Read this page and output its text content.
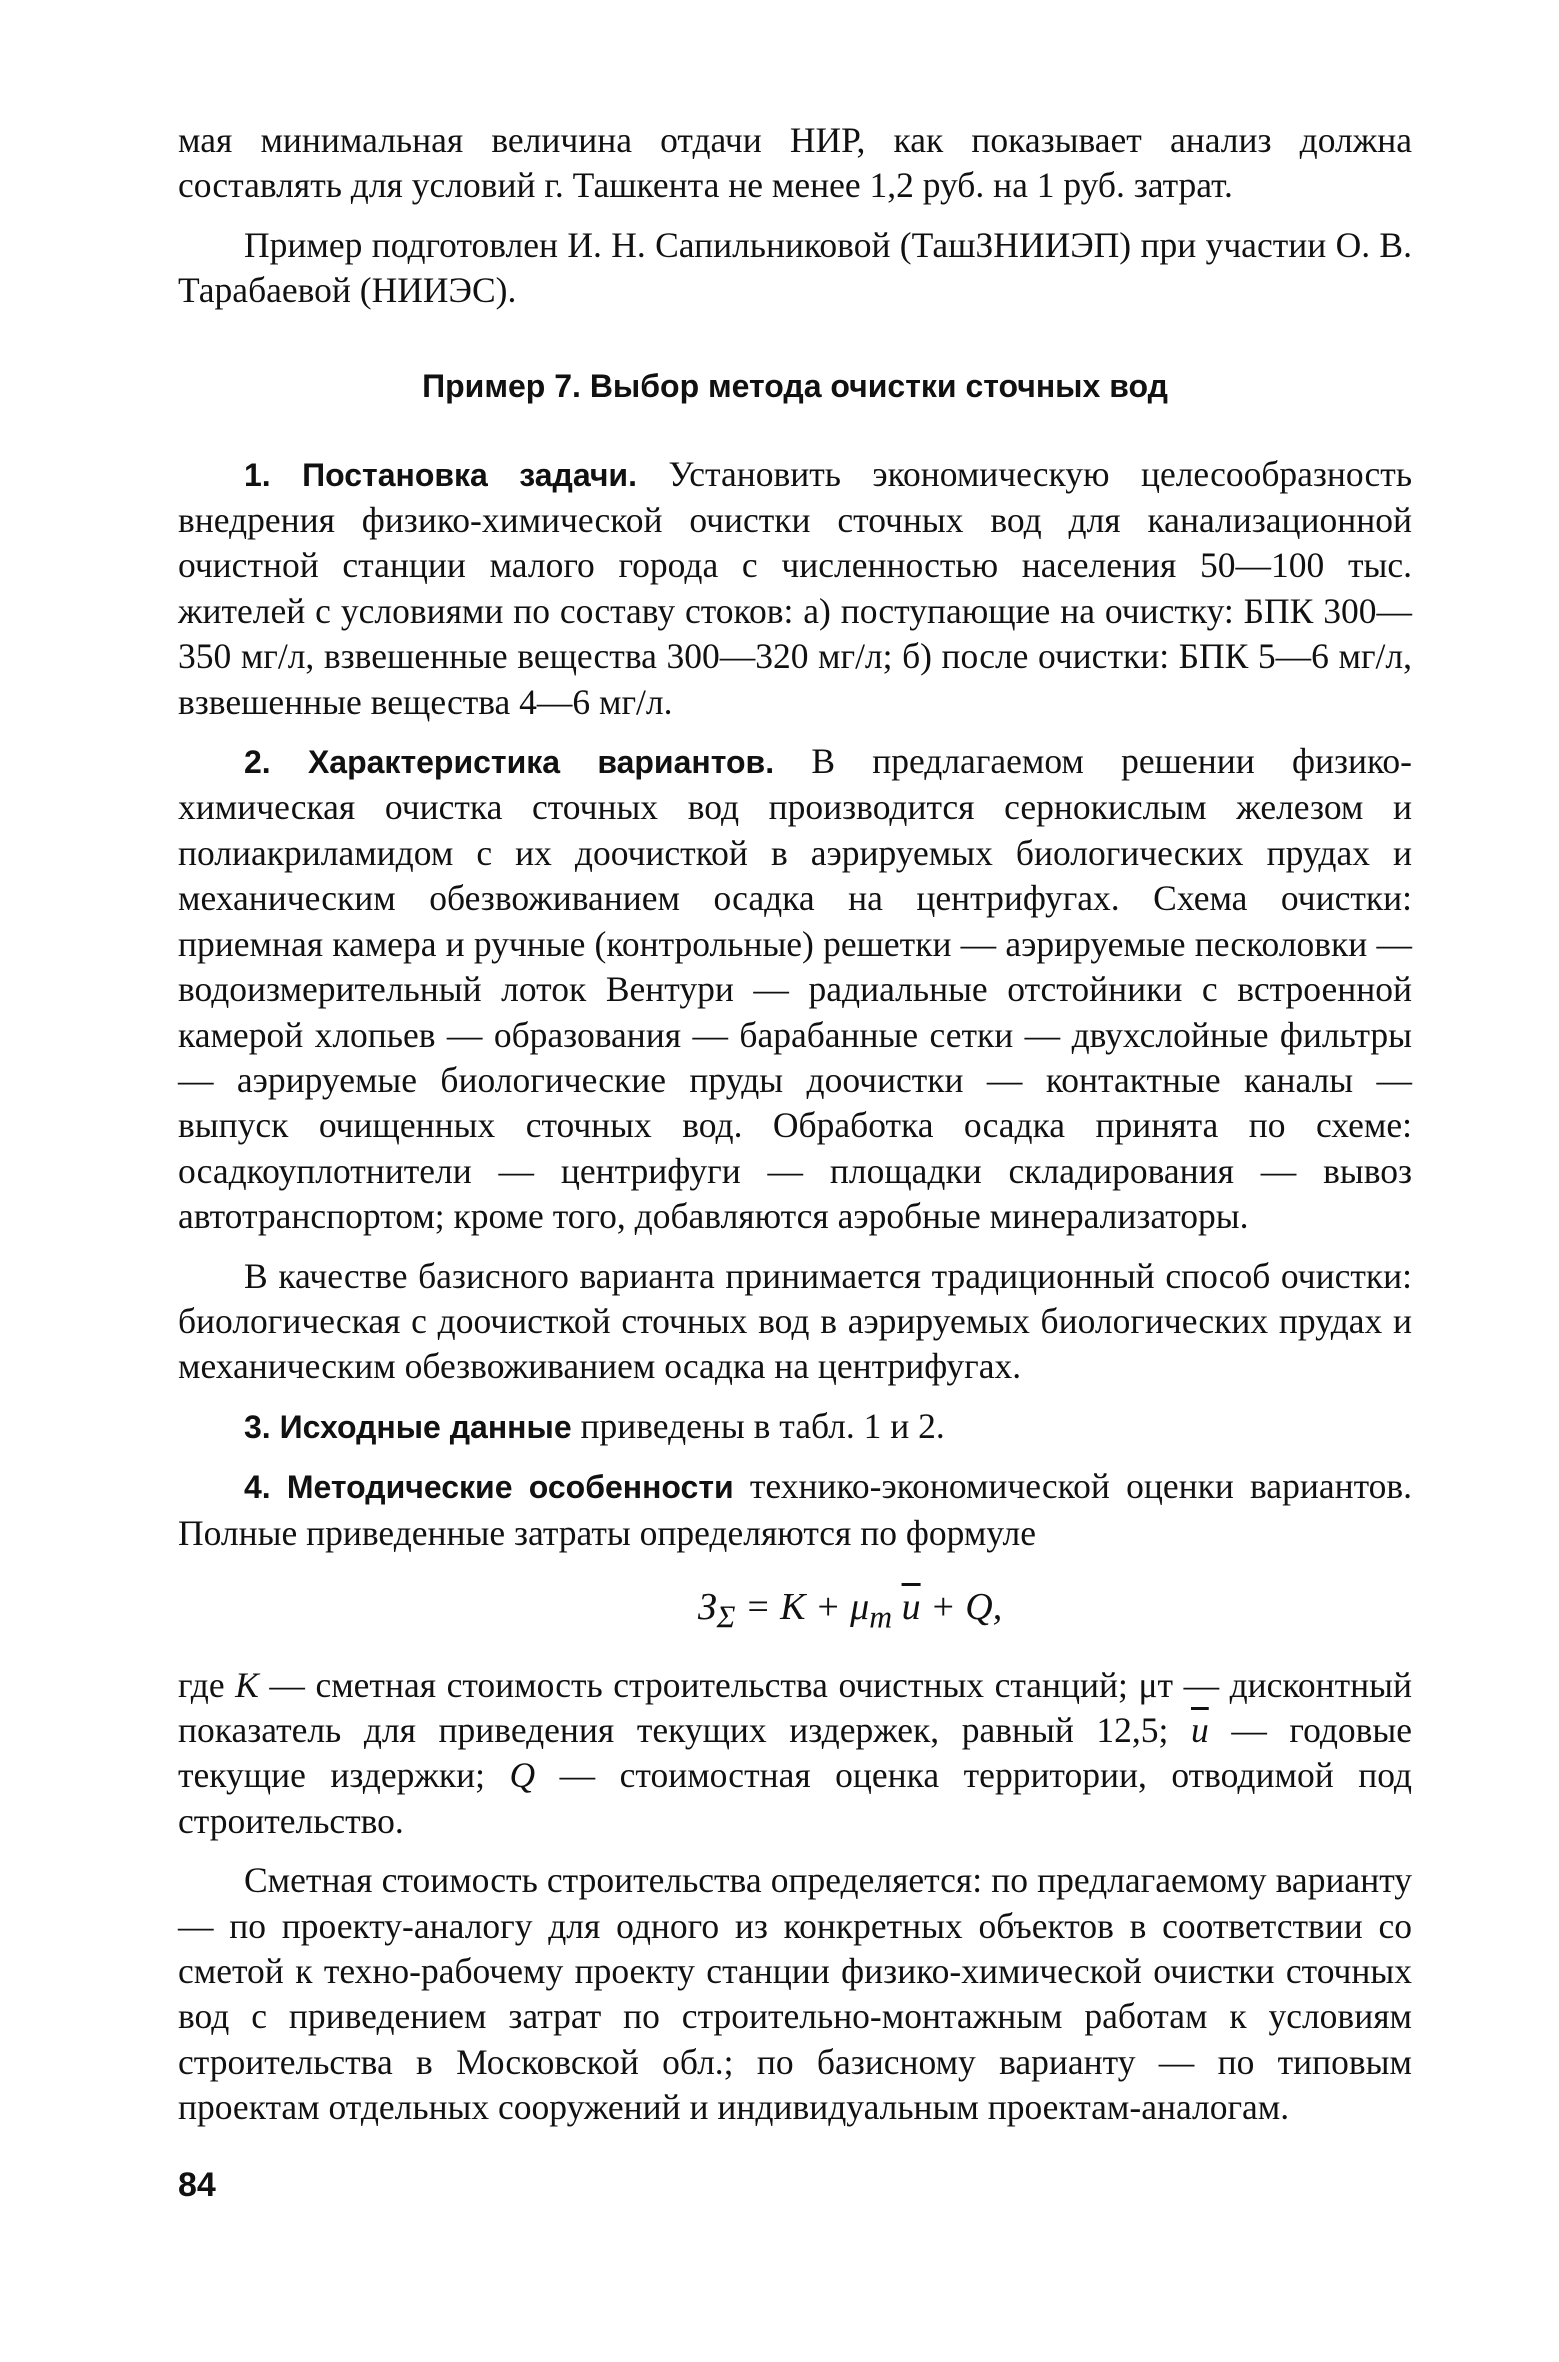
мая минимальная величина отдачи НИР, как показывает анализ должна составлять для условий г. Ташкента не менее 1,2 руб. на 1 руб. затрат.

Пример подготовлен И. Н. Сапильниковой (ТашЗНИИЭП) при участии О. В. Тарабаевой (НИИЭС).

Пример 7. Выбор метода очистки сточных вод

1. Постановка задачи. Установить экономическую целесообразность внедрения физико-химической очистки сточных вод для канализационной очистной станции малого города с численностью населения 50—100 тыс. жителей с условиями по составу стоков: а) поступающие на очистку: БПК 300—350 мг/л, взвешенные вещества 300—320 мг/л; б) после очистки: БПК 5—6 мг/л, взвешенные вещества 4—6 мг/л.

2. Характеристика вариантов. В предлагаемом решении физико-химическая очистка сточных вод производится сернокислым железом и полиакриламидом с их доочисткой в аэрируемых биологических прудах и механическим обезвоживанием осадка на центрифугах. Схема очистки: приемная камера и ручные (контрольные) решетки — аэрируемые песколовки — водоизмерительный лоток Вентури — радиальные отстойники с встроенной камерой хлопьев — образования — барабанные сетки — двухслойные фильтры — аэрируемые биологические пруды доочистки — контактные каналы — выпуск очищенных сточных вод. Обработка осадка принята по схеме: осадкоуплотнители — центрифуги — площадки складирования — вывоз автотранспортом; кроме того, добавляются аэробные минерализаторы.

В качестве базисного варианта принимается традиционный способ очистки: биологическая с доочисткой сточных вод в аэрируемых биологических прудах и механическим обезвоживанием осадка на центрифугах.

3. Исходные данные приведены в табл. 1 и 2.

4. Методические особенности технико-экономической оценки вариантов. Полные приведенные затраты определяются по формуле

$З_\Sigma = K + \mu_т$ $\overline{u} + Q$,

где K — сметная стоимость строительства очистных станций; μт — дисконтный показатель для приведения текущих издержек, равный 12,5; $\overline{u}$ — годовые текущие издержки; Q — стоимостная оценка территории, отводимой под строительство.

Сметная стоимость строительства определяется: по предлагаемому варианту — по проекту-аналогу для одного из конкретных объектов в соответствии со сметой к техно-рабочему проекту станции физико-химической очистки сточных вод с приведением затрат по строительно-монтажным работам к условиям строительства в Московской обл.; по базисному варианту — по типовым проектам отдельных сооружений и индивидуальным проектам-аналогам.

84
